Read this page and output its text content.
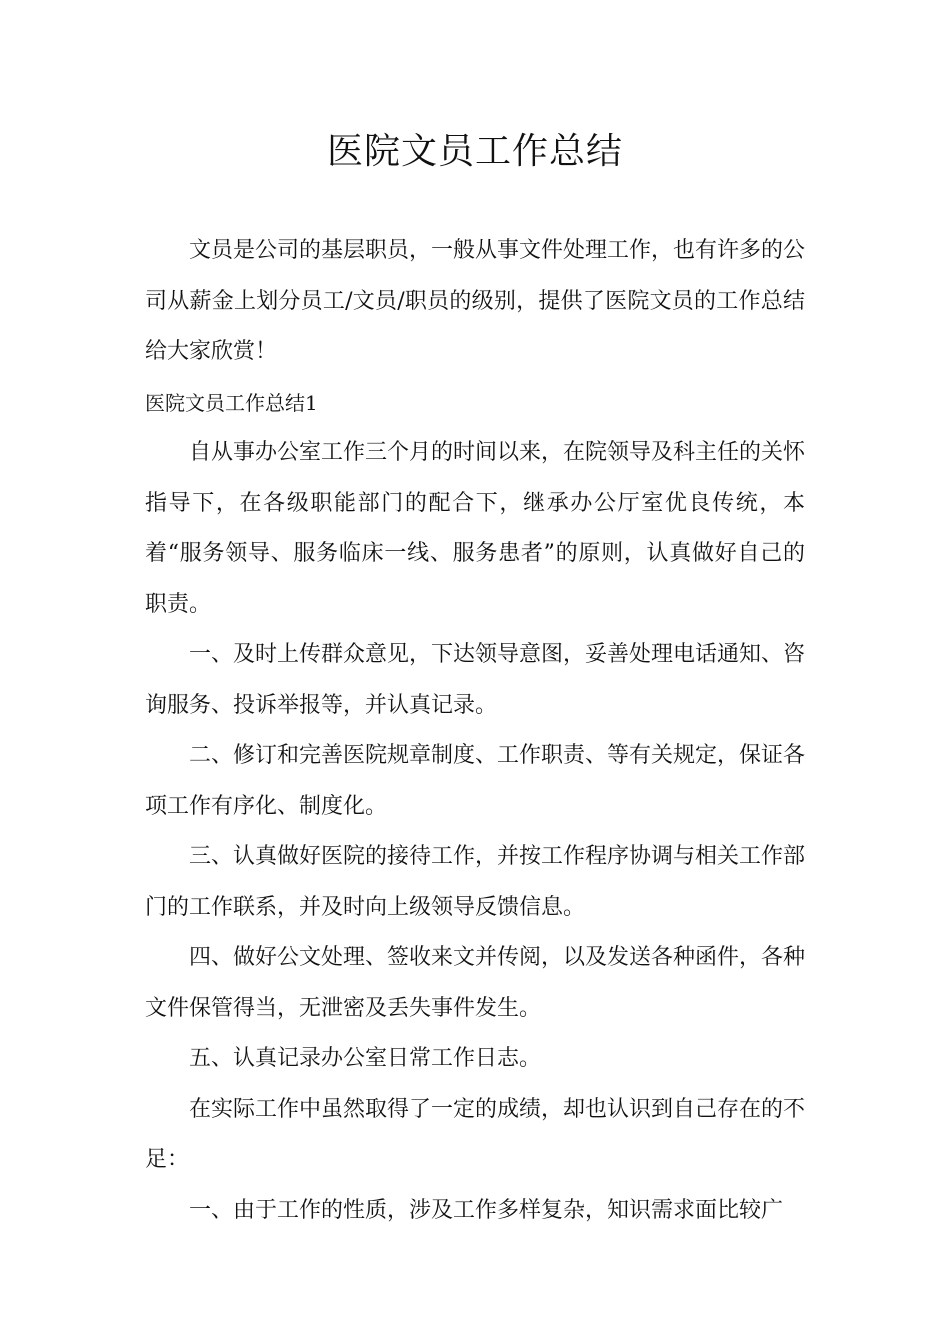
医院文员工作总结

文员是公司的基层职员，一般从事文件处理工作，也有许多的公司从薪金上划分员工/文员/职员的级别，提供了医院文员的工作总结给大家欣赏！

医院文员工作总结1

自从事办公室工作三个月的时间以来，在院领导及科主任的关怀指导下，在各级职能部门的配合下，继承办公厅室优良传统，本着“服务领导、服务临床一线、服务患者”的原则，认真做好自己的职责。

一、及时上传群众意见，下达领导意图，妥善处理电话通知、咨询服务、投诉举报等，并认真记录。

二、修订和完善医院规章制度、工作职责、等有关规定，保证各项工作有序化、制度化。

三、认真做好医院的接待工作，并按工作程序协调与相关工作部门的工作联系，并及时向上级领导反馈信息。

四、做好公文处理、签收来文并传阅，以及发送各种函件，各种文件保管得当，无泄密及丢失事件发生。

五、认真记录办公室日常工作日志。

在实际工作中虽然取得了一定的成绩，却也认识到自己存在的不足：

一、由于工作的性质，涉及工作多样复杂，知识需求面比较广
